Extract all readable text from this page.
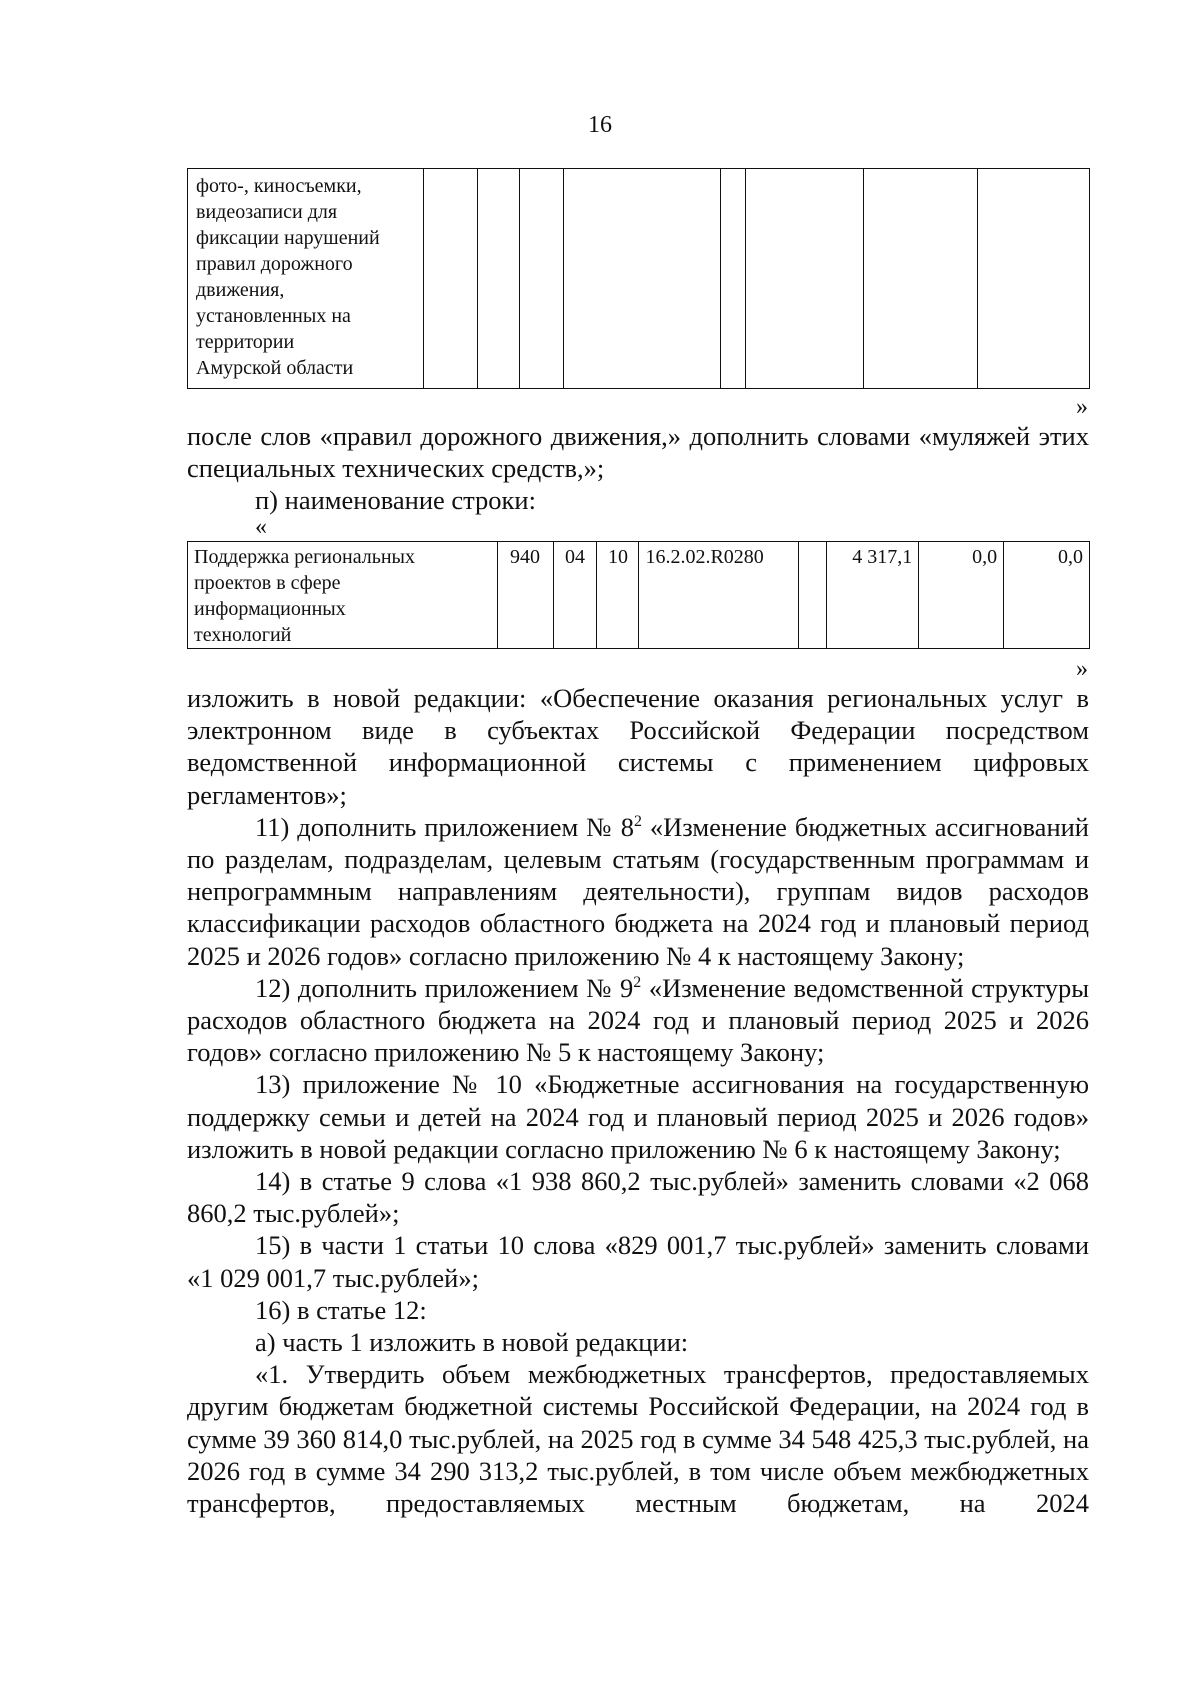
16
фото-, киносъемки,
видеозаписи для
фиксации нарушений
правил дорожного
движения,
установленных на
территории
Амурской области

»

после слов «правил дорожного движения,» дополнить словами «муляжей этих специальных технических средств,»;

п) наименование строки:

«
Поддержка региональных
проектов в сфере
информационных
технологий
	940	04	10	16.2.02.R0280		4 317,1	0,0	0,0
»

изложить в новой редакции: «Обеспечение оказания региональных услуг в электронном виде в субъектах Российской Федерации посредством ведомственной информационной системы с применением цифровых регламентов»;

11) дополнить приложением № $8^2$ «Изменение бюджетных ассигнований по разделам, подразделам, целевым статьям (государственным программам и непрограммным направлениям деятельности), группам видов расходов классификации расходов областного бюджета на 2024 год и плановый период 2025 и 2026 годов» согласно приложению № 4 к настоящему Закону;

12) дополнить приложением № $9^2$ «Изменение ведомственной структуры расходов областного бюджета на 2024 год и плановый период 2025 и 2026 годов» согласно приложению № 5 к настоящему Закону;

13) приложение № 10 «Бюджетные ассигнования на государственную поддержку семьи и детей на 2024 год и плановый период 2025 и 2026 годов» изложить в новой редакции согласно приложению № 6 к настоящему Закону;

14) в статье 9 слова «1 938 860,2 тыс.рублей» заменить словами «2 068 860,2 тыс.рублей»;

15) в части 1 статьи 10 слова «829 001,7 тыс.рублей» заменить словами «1 029 001,7 тыс.рублей»;

16) в статье 12:

а) часть 1 изложить в новой редакции:

«1. Утвердить объем межбюджетных трансфертов, предоставляемых другим бюджетам бюджетной системы Российской Федерации, на 2024 год в сумме 39 360 814,0 тыс.рублей, на 2025 год в сумме 34 548 425,3 тыс.рублей, на 2026 год в сумме 34 290 313,2 тыс.рублей, в том числе объем межбюджетных трансфертов, предоставляемых местным бюджетам, на 2024
